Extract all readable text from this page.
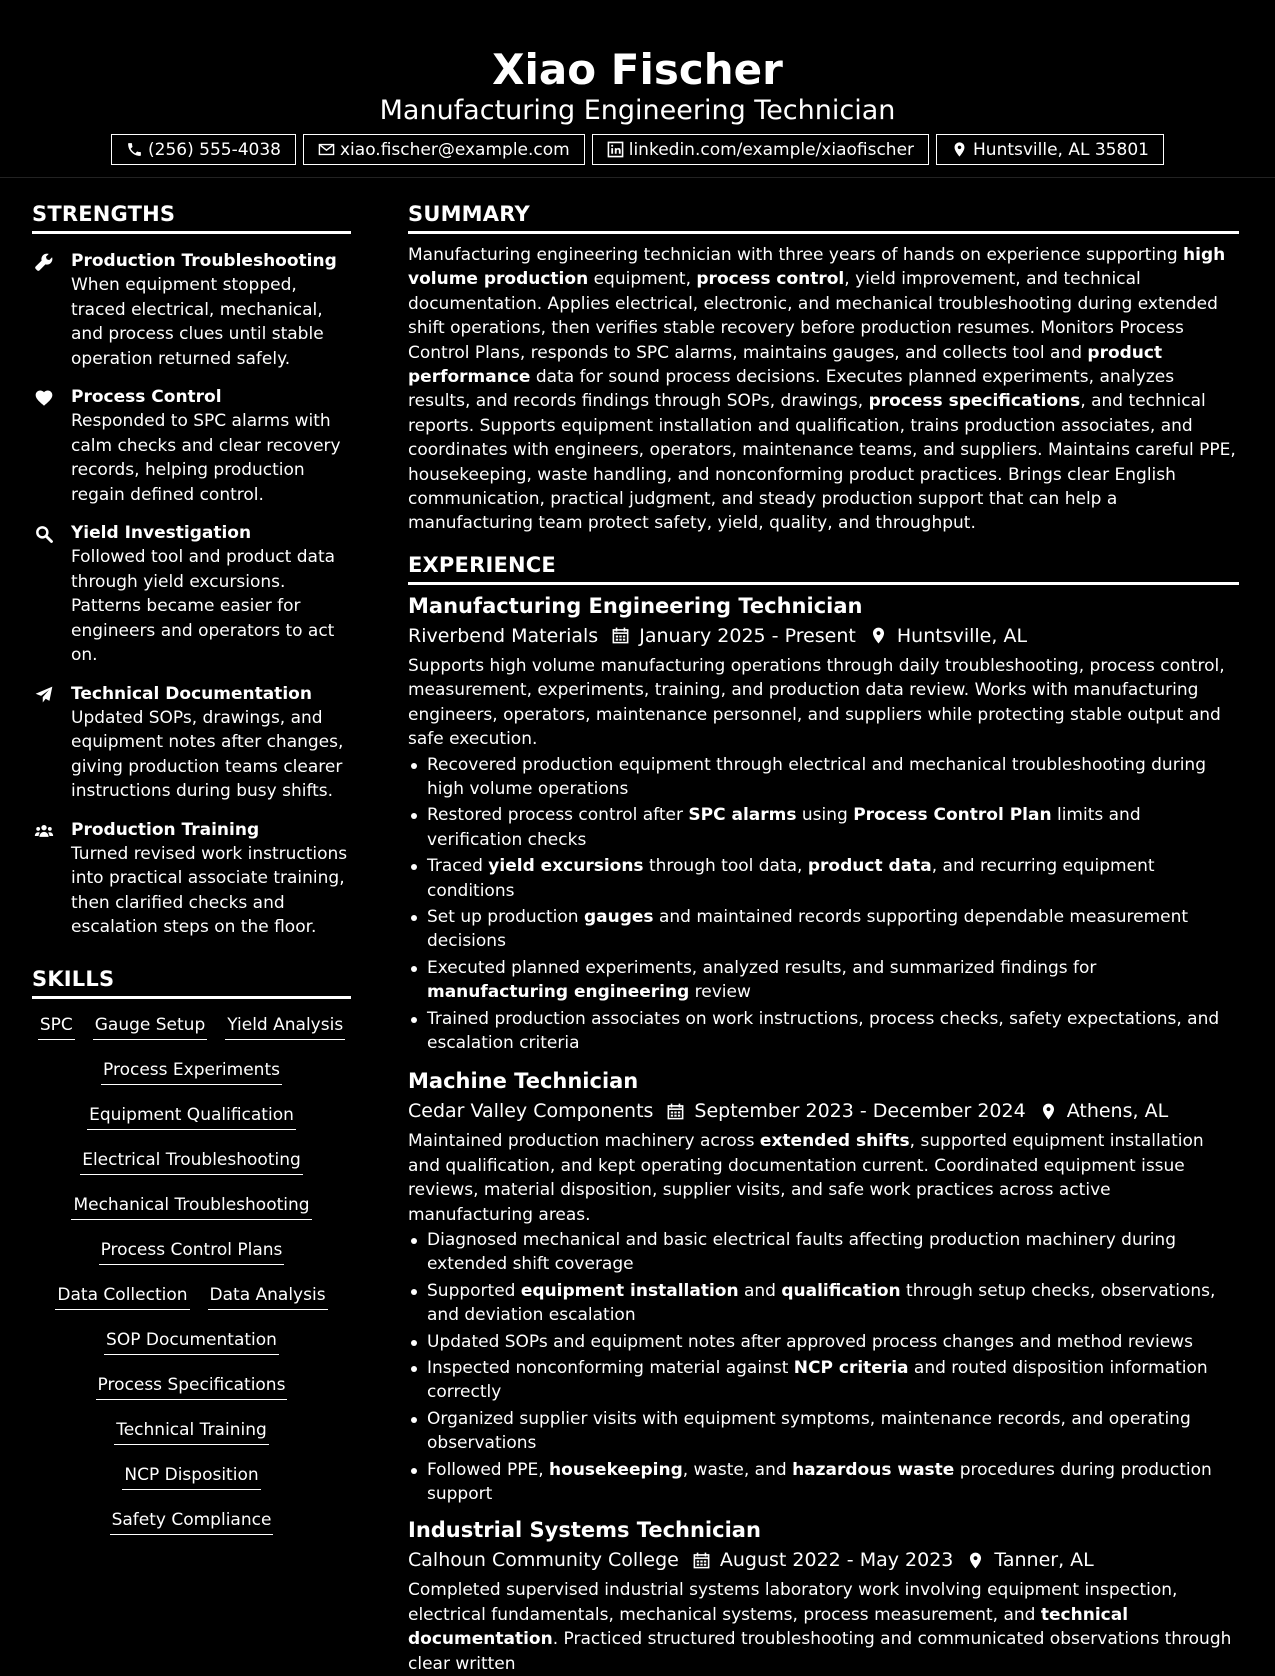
Xiao Fischer
Manufacturing Engineering Technician
(256) 555-4038	xiao.fischer@example.com	linkedin.com/example/xiaofischer	Huntsville, AL 35801
STRENGTHS
Production Troubleshooting
When equipment stopped, traced electrical, mechanical, and process clues until stable operation returned safely.
Process Control
Responded to SPC alarms with calm checks and clear recovery records, helping production regain defined control.
Yield Investigation
Followed tool and product data through yield excursions. Patterns became easier for engineers and operators to act on.
Technical Documentation
Updated SOPs, drawings, and equipment notes after changes, giving production teams clearer instructions during busy shifts.
Production Training
Turned revised work instructions into practical associate training, then clarified checks and escalation steps on the floor.
SKILLS
SPC Gauge Setup Yield Analysis
Process Experiments
Equipment Qualification
Electrical Troubleshooting
Mechanical Troubleshooting
Process Control Plans
Data Collection Data Analysis
SOP Documentation
Process Specifications
Technical Training
NCP Disposition
Safety Compliance
SUMMARY
Manufacturing engineering technician with three years of hands on experience supporting high volume production equipment, process control, yield improvement, and technical documentation. Applies electrical, electronic, and mechanical troubleshooting during extended shift operations, then verifies stable recovery before production resumes. Monitors Process Control Plans, responds to SPC alarms, maintains gauges, and collects tool and product performance data for sound process decisions. Executes planned experiments, analyzes results, and records findings through SOPs, drawings, process specifications, and technical reports. Supports equipment installation and qualification, trains production associates, and coordinates with engineers, operators, maintenance teams, and suppliers. Maintains careful PPE, housekeeping, waste handling, and nonconforming product practices. Brings clear English communication, practical judgment, and steady production support that can help a manufacturing team protect safety, yield, quality, and throughput.
EXPERIENCE
Manufacturing Engineering Technician
Riverbend Materials January 2025 - Present Huntsville, AL
Supports high volume manufacturing operations through daily troubleshooting, process control, measurement, experiments, training, and production data review. Works with manufacturing engineers, operators, maintenance personnel, and suppliers while protecting stable output and safe execution.
Recovered production equipment through electrical and mechanical troubleshooting during high volume operations
Restored process control after SPC alarms using Process Control Plan limits and verification checks
Traced yield excursions through tool data, product data, and recurring equipment conditions
Set up production gauges and maintained records supporting dependable measurement decisions
Executed planned experiments, analyzed results, and summarized findings for manufacturing engineering review
Trained production associates on work instructions, process checks, safety expectations, and escalation criteria
Machine Technician
Cedar Valley Components September 2023 - December 2024 Athens, AL
Maintained production machinery across extended shifts, supported equipment installation and qualification, and kept operating documentation current. Coordinated equipment issue reviews, material disposition, supplier visits, and safe work practices across active manufacturing areas.
Diagnosed mechanical and basic electrical faults affecting production machinery during extended shift coverage
Supported equipment installation and qualification through setup checks, observations, and deviation escalation
Updated SOPs and equipment notes after approved process changes and method reviews
Inspected nonconforming material against NCP criteria and routed disposition information correctly
Organized supplier visits with equipment symptoms, maintenance records, and operating observations
Followed PPE, housekeeping, waste, and hazardous waste procedures during production support
Industrial Systems Technician
Calhoun Community College August 2022 - May 2023 Tanner, AL
Completed supervised industrial systems laboratory work involving equipment inspection, electrical fundamentals, mechanical systems, process measurement, and technical documentation. Practiced structured troubleshooting and communicated observations through clear written
